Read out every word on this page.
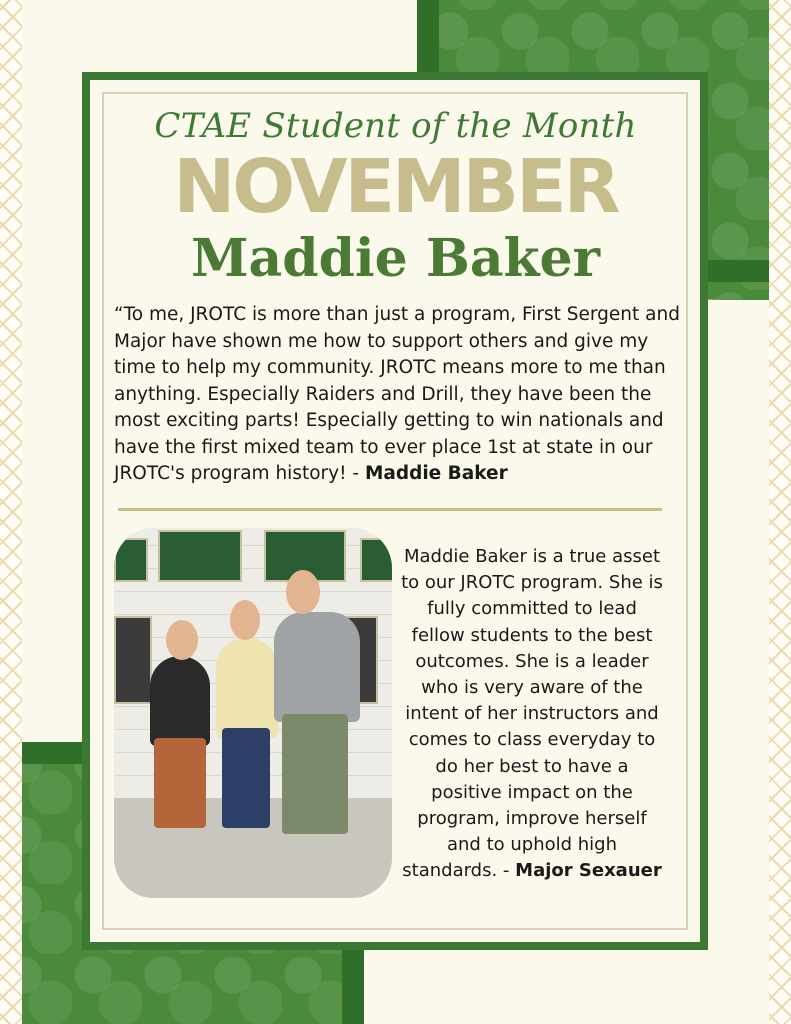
CTAE Student of the Month
NOVEMBER
Maddie Baker
“To me, JROTC is more than just a program, First Sergent and Major have shown me how to support others and give my time to help my community. JROTC means more to me than anything. Especially Raiders and Drill, they have been the most exciting parts! Especially getting to win nationals and have the first mixed team to ever place 1st at state in our JROTC's program history! - Maddie Baker
Maddie Baker is a true asset to our JROTC program. She is fully committed to lead fellow students to the best outcomes. She is a leader who is very aware of the intent of her instructors and comes to class everyday to do her best to have a positive impact on the program, improve herself and to uphold high standards. - Major Sexauer
